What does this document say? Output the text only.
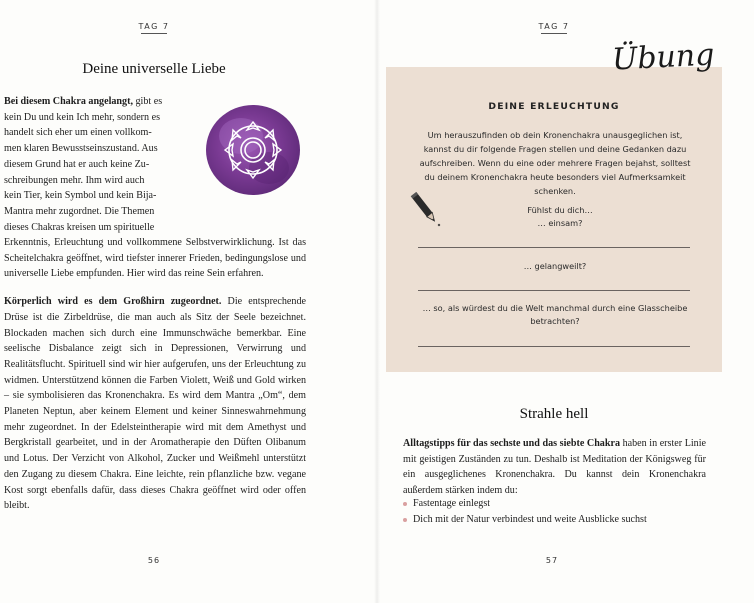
TAG 7
Deine universelle Liebe

Bei diesem Chakra angelangt, gibt es

kein Du und kein Ich mehr, sondern es

handelt sich eher um einen vollkom-

men klaren Bewusstseinszustand. Aus

diesem Grund hat er auch keine Zu-

schreibungen mehr. Ihm wird auch

kein Tier, kein Symbol und kein Bija-

Mantra mehr zugordnet. Die Themen

dieses Chakras kreisen um spirituelle

Erkenntnis, Erleuchtung und vollkommene Selbstverwirklichung. Ist das Scheitelchakra geöffnet, wird tiefster innerer Frieden, bedingungslose und universelle Liebe empfunden. Hier wird das reine Sein erfahren.

Körperlich wird es dem Großhirn zugeordnet. Die entsprechende Drüse ist die Zirbeldrüse, die man auch als Sitz der Seele bezeichnet. Blockaden machen sich durch eine Immunschwäche bemerkbar. Eine seelische Disbalance zeigt sich in Depressionen, Verwirrung und Realitätsflucht. Spirituell sind wir hier aufgerufen, uns der Erleuchtung zu widmen. Unterstützend können die Farben Violett, Weiß und Gold wirken – sie symbolisieren das Kronenchakra. Es wird dem Mantra „Om“, dem Planeten Neptun, aber keinem Element und keiner Sinneswahrnehmung mehr zugeordnet. In der Edelsteintherapie wird mit dem Amethyst und Bergkristall gearbeitet, und in der Aromatherapie den Düften Olibanum und Lotus. Der Verzicht von Alkohol, Zucker und Weißmehl unterstützt den Zugang zu diesem Chakra. Eine leichte, rein pflanzliche bzw. vegane Kost sorgt ebenfalls dafür, dass dieses Chakra geöffnet wird oder offen bleibt.

56
TAG 7
Übung
DEINE ERLEUCHTUNG
Um herauszufinden ob dein Kronenchakra unausgeglichen ist, kannst du dir folgende Fragen stellen und deine Gedanken dazu aufschreiben. Wenn du eine oder mehrere Fragen bejahst, solltest du deinem Kronenchakra heute besonders viel Aufmerksamkeit schenken.
Fühlst du dich…
… einsam?
… gelangweilt?
… so, als würdest du die Welt manchmal durch eine Glasscheibe betrachten?
Strahle hell

Alltagstipps für das sechste und das siebte Chakra haben in erster Linie mit geistigen Zuständen zu tun. Deshalb ist Meditation der Königsweg für ein ausgeglichenes Kronenchakra. Du kannst dein Kronenchakra außerdem stärken indem du:

Fastentage einlegst
Dich mit der Natur verbindest und weite Ausblicke suchst
57
